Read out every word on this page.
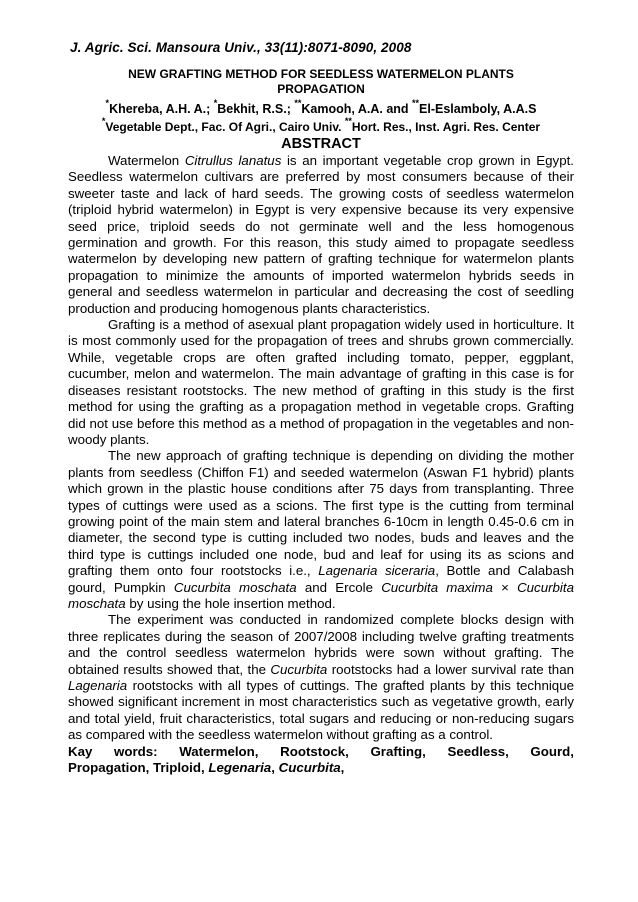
J. Agric. Sci. Mansoura Univ., 33(11):8071-8090, 2008
NEW GRAFTING METHOD FOR SEEDLESS WATERMELON PLANTS
PROPAGATION
*Khereba, A.H. A.; *Bekhit, R.S.; **Kamooh, A.A. and **El-Eslamboly, A.A.S
*Vegetable Dept., Fac. Of Agri., Cairo Univ. **Hort. Res., Inst. Agri. Res. Center
ABSTRACT

Watermelon Citrullus lanatus is an important vegetable crop grown in Egypt. Seedless watermelon cultivars are preferred by most consumers because of their sweeter taste and lack of hard seeds. The growing costs of seedless watermelon (triploid hybrid watermelon) in Egypt is very expensive because its very expensive seed price, triploid seeds do not germinate well and the less homogenous germination and growth. For this reason, this study aimed to propagate seedless watermelon by developing new pattern of grafting technique for watermelon plants propagation to minimize the amounts of imported watermelon hybrids seeds in general and seedless watermelon in particular and decreasing the cost of seedling production and producing homogenous plants characteristics.

Grafting is a method of asexual plant propagation widely used in horticulture. It is most commonly used for the propagation of trees and shrubs grown commercially. While, vegetable crops are often grafted including tomato, pepper, eggplant, cucumber, melon and watermelon. The main advantage of grafting in this case is for diseases resistant rootstocks. The new method of grafting in this study is the first method for using the grafting as a propagation method in vegetable crops. Grafting did not use before this method as a method of propagation in the vegetables and non-woody plants.

The new approach of grafting technique is depending on dividing the mother plants from seedless (Chiffon F1) and seeded watermelon (Aswan F1 hybrid) plants which grown in the plastic house conditions after 75 days from transplanting. Three types of cuttings were used as a scions. The first type is the cutting from terminal growing point of the main stem and lateral branches 6-10cm in length 0.45-0.6 cm in diameter, the second type is cutting included two nodes, buds and leaves and the third type is cuttings included one node, bud and leaf for using its as scions and grafting them onto four rootstocks i.e., Lagenaria siceraria, Bottle and Calabash gourd, Pumpkin Cucurbita moschata and Ercole Cucurbita maxima × Cucurbita moschata by using the hole insertion method.

The experiment was conducted in randomized complete blocks design with three replicates during the season of 2007/2008 including twelve grafting treatments and the control seedless watermelon hybrids were sown without grafting. The obtained results showed that, the Cucurbita rootstocks had a lower survival rate than Lagenaria rootstocks with all types of cuttings. The grafted plants by this technique showed significant increment in most characteristics such as vegetative growth, early and total yield, fruit characteristics, total sugars and reducing or non-reducing sugars as compared with the seedless watermelon without grafting as a control.

Kay words: Watermelon, Rootstock, Grafting, Seedless, Gourd,
Propagation, Triploid, Legenaria, Cucurbita,
